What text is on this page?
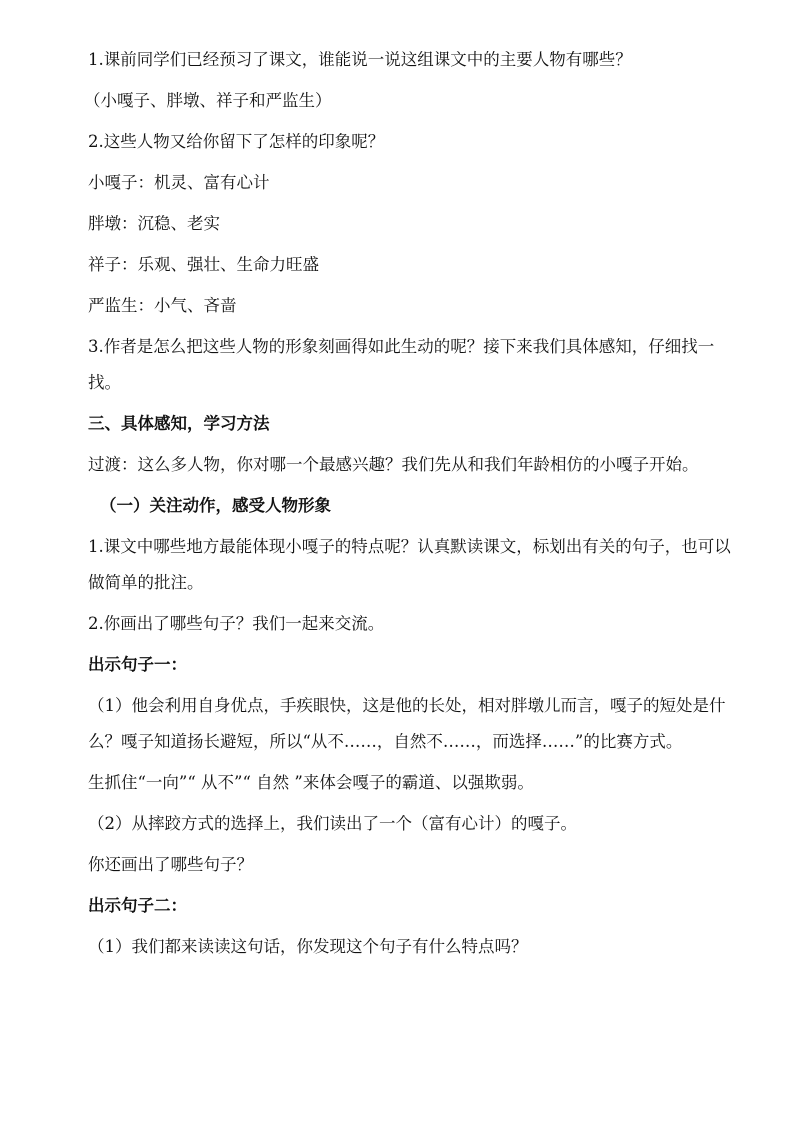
1.课前同学们已经预习了课文，谁能说一说这组课文中的主要人物有哪些？

（小嘎子、胖墩、祥子和严监生）

2.这些人物又给你留下了怎样的印象呢？

小嘎子：机灵、富有心计

胖墩：沉稳、老实

祥子：乐观、强壮、生命力旺盛

严监生：小气、吝啬

3.作者是怎么把这些人物的形象刻画得如此生动的呢？接下来我们具体感知，仔细找一找。

三、具体感知，学习方法

过渡：这么多人物，你对哪一个最感兴趣？我们先从和我们年龄相仿的小嘎子开始。

（一）关注动作，感受人物形象

1.课文中哪些地方最能体现小嘎子的特点呢？认真默读课文，标划出有关的句子，也可以做简单的批注。

2.你画出了哪些句子？我们一起来交流。

出示句子一：

（1）他会利用自身优点，手疾眼快，这是他的长处，相对胖墩儿而言，嘎子的短处是什么？嘎子知道扬长避短，所以“从不……，自然不……，而选择……”的比赛方式。

生抓住“一向”“ 从不”“ 自然 ”来体会嘎子的霸道、以强欺弱。

（2）从摔跤方式的选择上，我们读出了一个（富有心计）的嘎子。

你还画出了哪些句子？

出示句子二：

（1）我们都来读读这句话，你发现这个句子有什么特点吗？
